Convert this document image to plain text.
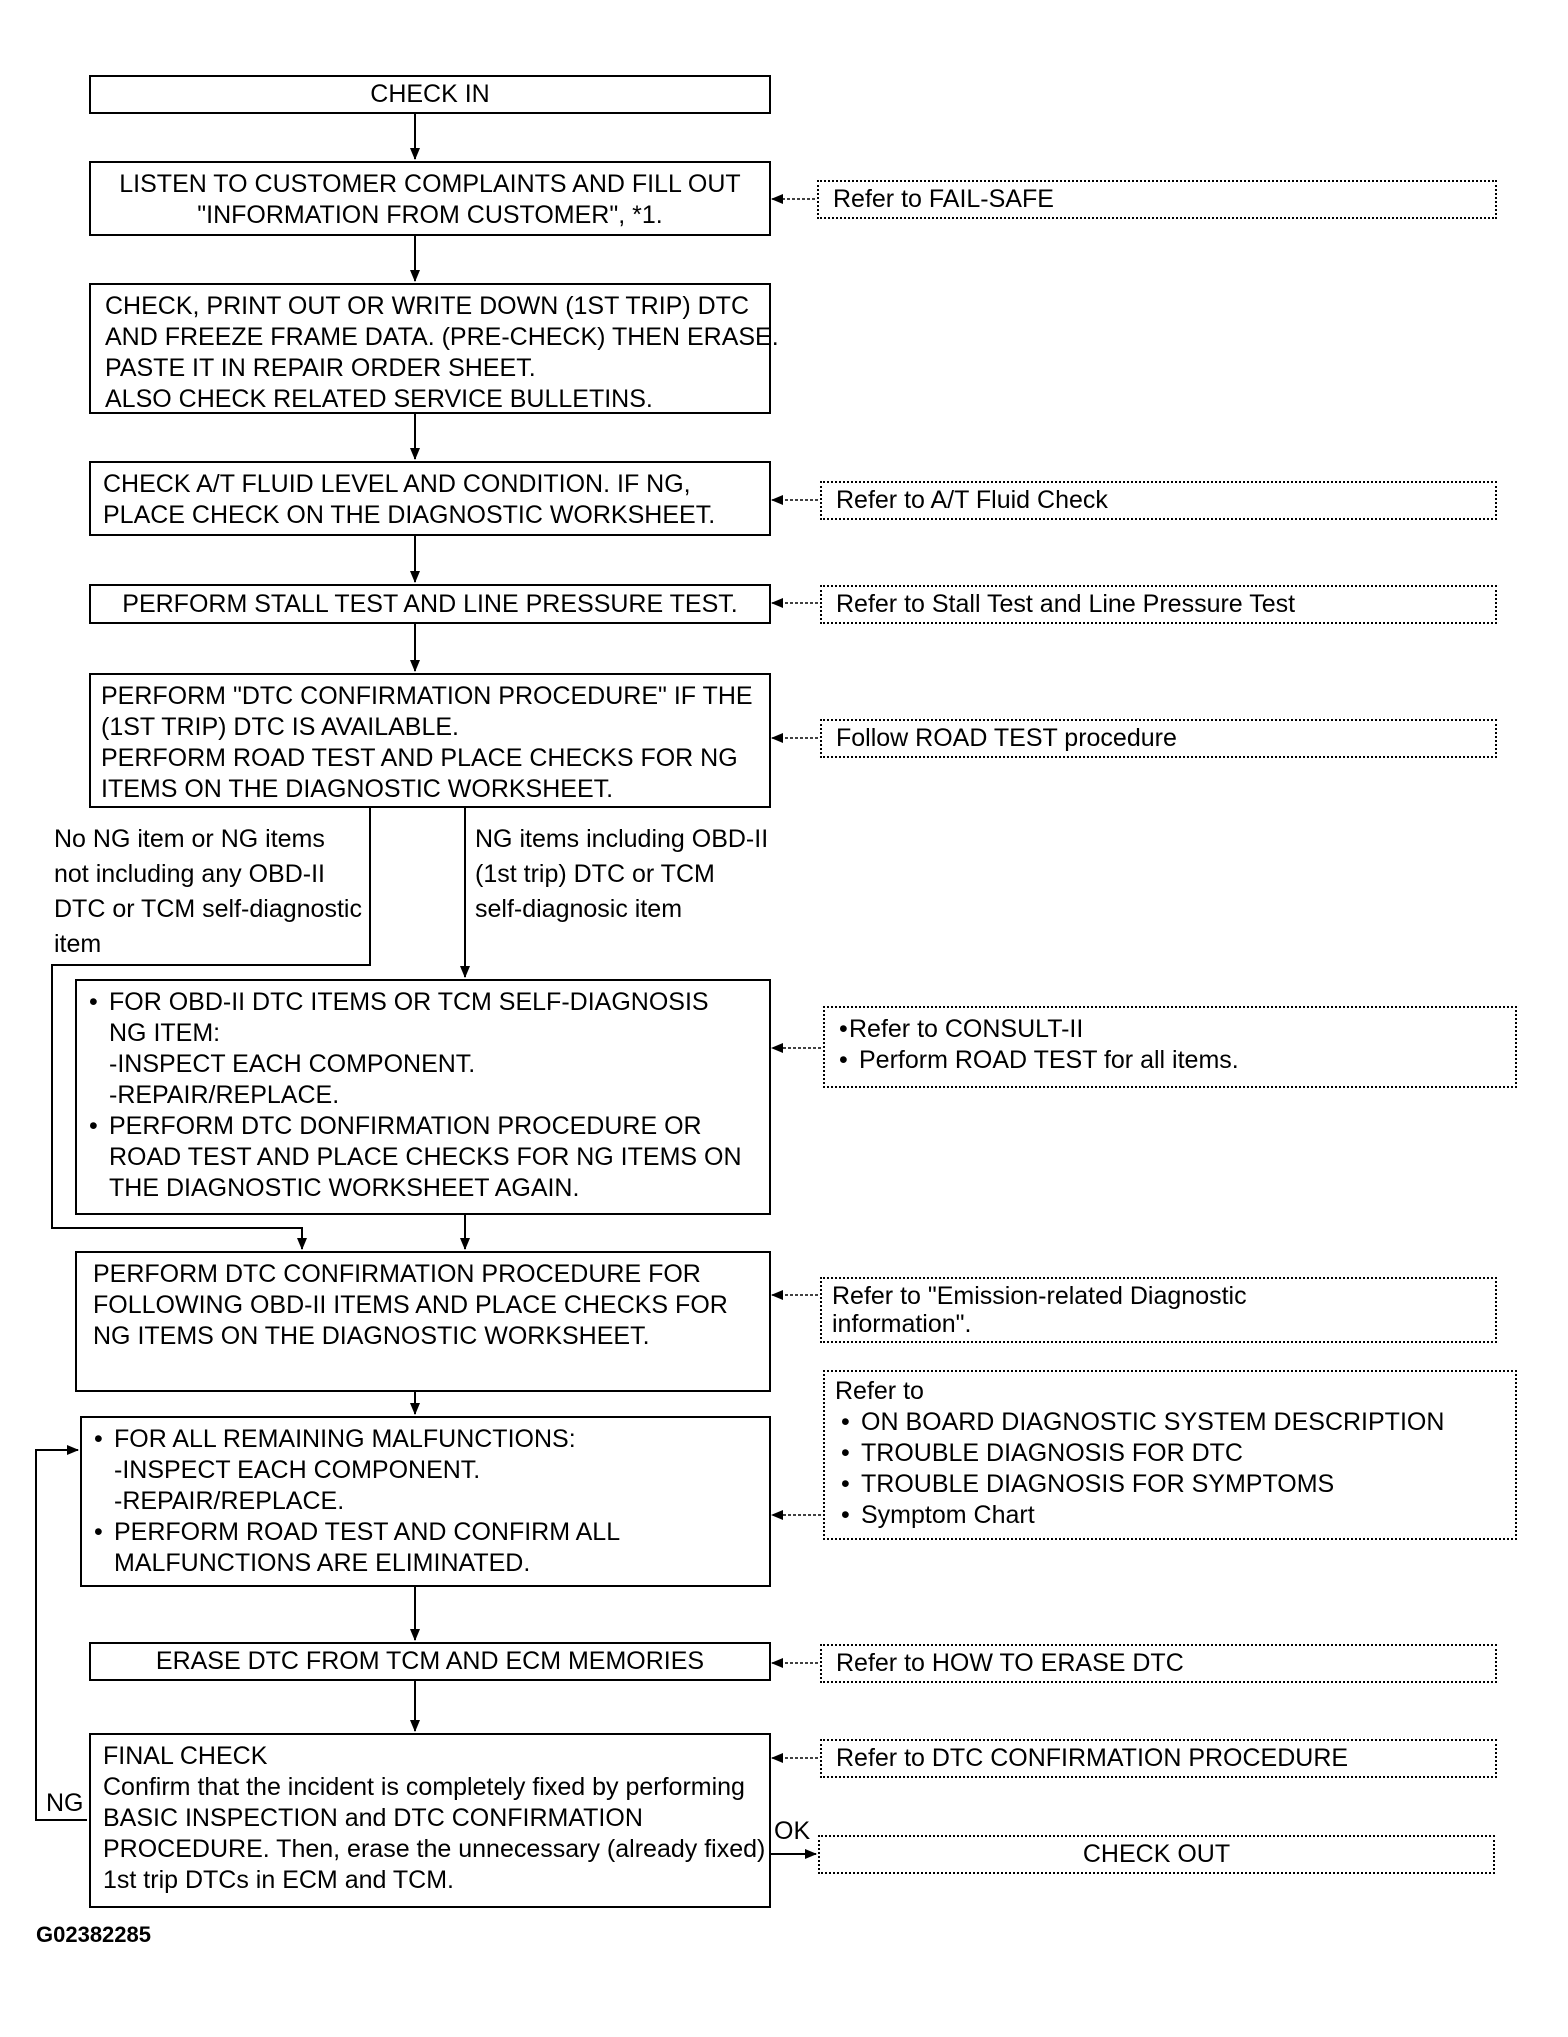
CHECK IN
LISTEN TO CUSTOMER COMPLAINTS AND FILL OUT
"INFORMATION FROM CUSTOMER", *1.
CHECK, PRINT OUT OR WRITE DOWN (1ST TRIP) DTC
AND FREEZE FRAME DATA. (PRE-CHECK) THEN ERASE.
PASTE IT IN REPAIR ORDER SHEET.
ALSO CHECK RELATED SERVICE BULLETINS.
CHECK A/T FLUID LEVEL AND CONDITION. IF NG,
PLACE CHECK ON THE DIAGNOSTIC WORKSHEET.
PERFORM STALL TEST AND LINE PRESSURE TEST.
PERFORM "DTC CONFIRMATION PROCEDURE" IF THE
(1ST TRIP) DTC IS AVAILABLE.
PERFORM ROAD TEST AND PLACE CHECKS FOR NG
ITEMS ON THE DIAGNOSTIC WORKSHEET.
No NG item or NG items
not including any OBD-II
DTC or TCM self-diagnostic
item
NG items including OBD-II
(1st trip) DTC or TCM
self-diagnosic item
• FOR OBD-II DTC ITEMS OR TCM SELF-DIAGNOSIS
NG ITEM:
-INSPECT EACH COMPONENT.
-REPAIR/REPLACE.
• PERFORM DTC DONFIRMATION PROCEDURE OR
ROAD TEST AND PLACE CHECKS FOR NG ITEMS ON
THE DIAGNOSTIC WORKSHEET AGAIN.
PERFORM DTC CONFIRMATION PROCEDURE FOR
FOLLOWING OBD-II ITEMS AND PLACE CHECKS FOR
NG ITEMS ON THE DIAGNOSTIC WORKSHEET.
• FOR ALL REMAINING MALFUNCTIONS:
-INSPECT EACH COMPONENT.
-REPAIR/REPLACE.
• PERFORM ROAD TEST AND CONFIRM ALL
MALFUNCTIONS ARE ELIMINATED.
ERASE DTC FROM TCM AND ECM MEMORIES
FINAL CHECK
Confirm that the incident is completely fixed by performing
BASIC INSPECTION and DTC CONFIRMATION
PROCEDURE. Then, erase the unnecessary (already fixed)
1st trip DTCs in ECM and TCM.
NG
OK
CHECK OUT
Refer to FAIL-SAFE
Refer to A/T Fluid Check
Refer to Stall Test and Line Pressure Test
Follow ROAD TEST procedure
• Refer to CONSULT-II
• Perform ROAD TEST for all items.
Refer to "Emission-related Diagnostic
information".
Refer to
• ON BOARD DIAGNOSTIC SYSTEM DESCRIPTION
• TROUBLE DIAGNOSIS FOR DTC
• TROUBLE DIAGNOSIS FOR SYMPTOMS
• Symptom Chart
Refer to HOW TO ERASE DTC
Refer to DTC CONFIRMATION PROCEDURE
G02382285
